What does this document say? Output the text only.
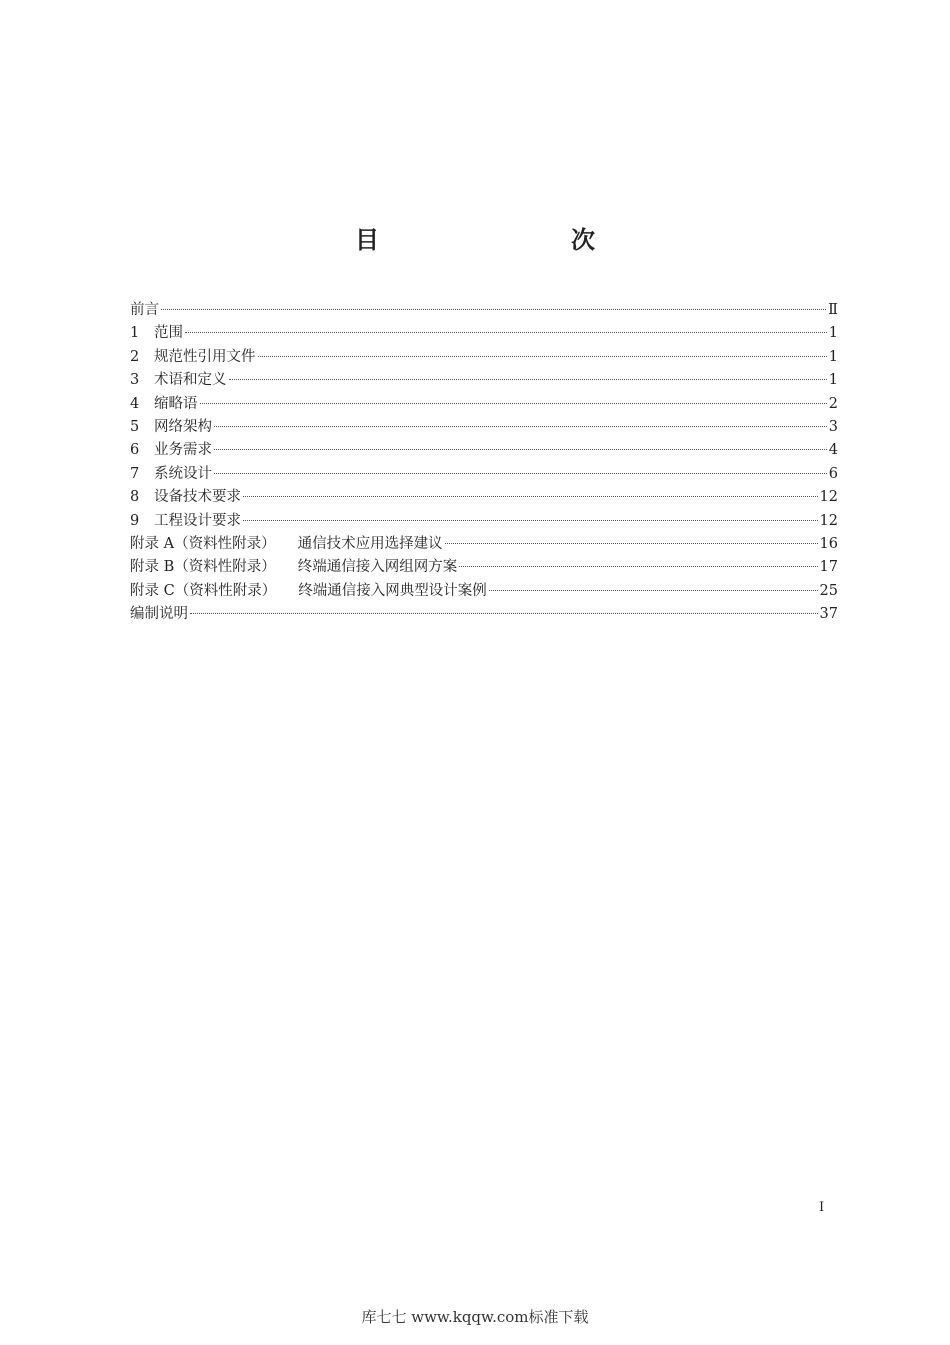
目　　次
前言	Ⅱ
1	范围	1
2	规范性引用文件	1
3	术语和定义	1
4	缩略语	2
5	网络架构	3
6	业务需求	4
7	系统设计	6
8	设备技术要求	12
9	工程设计要求	12
附录 A（资料性附录） 通信技术应用选择建议	16
附录 B（资料性附录） 终端通信接入网组网方案	17
附录 C（资料性附录） 终端通信接入网典型设计案例	25
编制说明	37
I
库七七 www.kqqw.com标准下载
